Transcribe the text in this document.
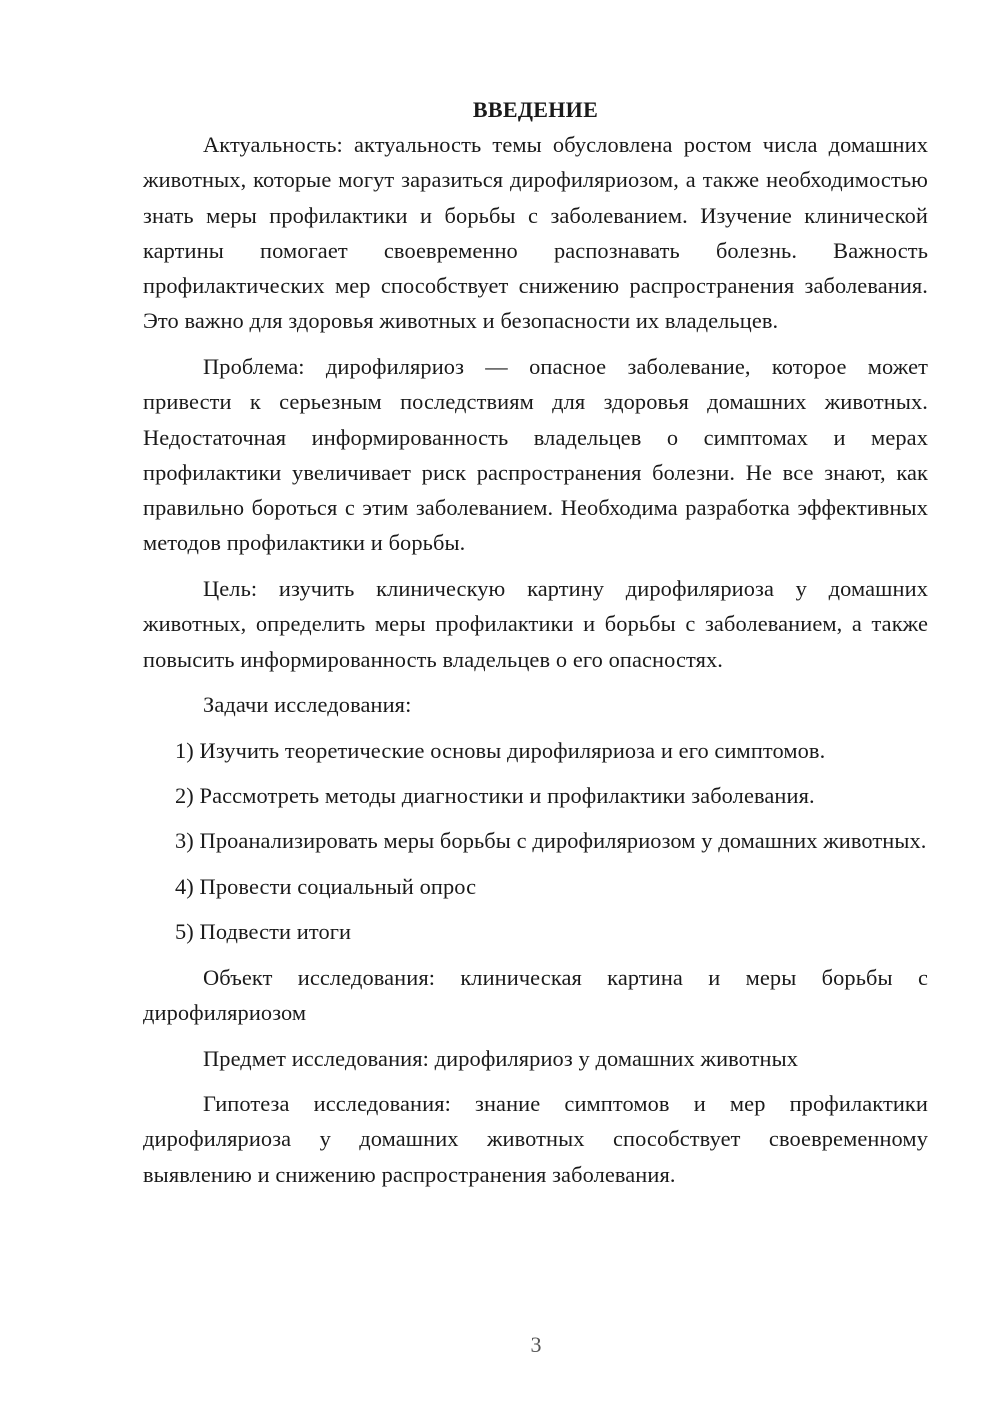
ВВЕДЕНИЕ

Актуальность: актуальность темы обусловлена ростом числа домашних животных, которые могут заразиться дирофиляриозом, а также необходимостью знать меры профилактики и борьбы с заболеванием. Изучение клинической картины помогает своевременно распознавать болезнь. Важность профилактических мер способствует снижению распространения заболевания. Это важно для здоровья животных и безопасности их владельцев.

Проблема: дирофиляриоз — опасное заболевание, которое может привести к серьезным последствиям для здоровья домашних животных. Недостаточная информированность владельцев о симптомах и мерах профилактики увеличивает риск распространения болезни. Не все знают, как правильно бороться с этим заболеванием. Необходима разработка эффективных методов профилактики и борьбы.

Цель: изучить клиническую картину дирофиляриоза у домашних животных, определить меры профилактики и борьбы с заболеванием, а также повысить информированность владельцев о его опасностях.

Задачи исследования:

1) Изучить теоретические основы дирофиляриоза и его симптомов.

2) Рассмотреть методы диагностики и профилактики заболевания.

3) Проанализировать меры борьбы с дирофиляриозом у домашних животных.

4) Провести социальный опрос

5) Подвести итоги

Объект исследования: клиническая картина и меры борьбы с дирофиляриозом

Предмет исследования: дирофиляриоз у домашних животных

Гипотеза исследования: знание симптомов и мер профилактики дирофиляриоза у домашних животных способствует своевременному выявлению и снижению распространения заболевания.

3
